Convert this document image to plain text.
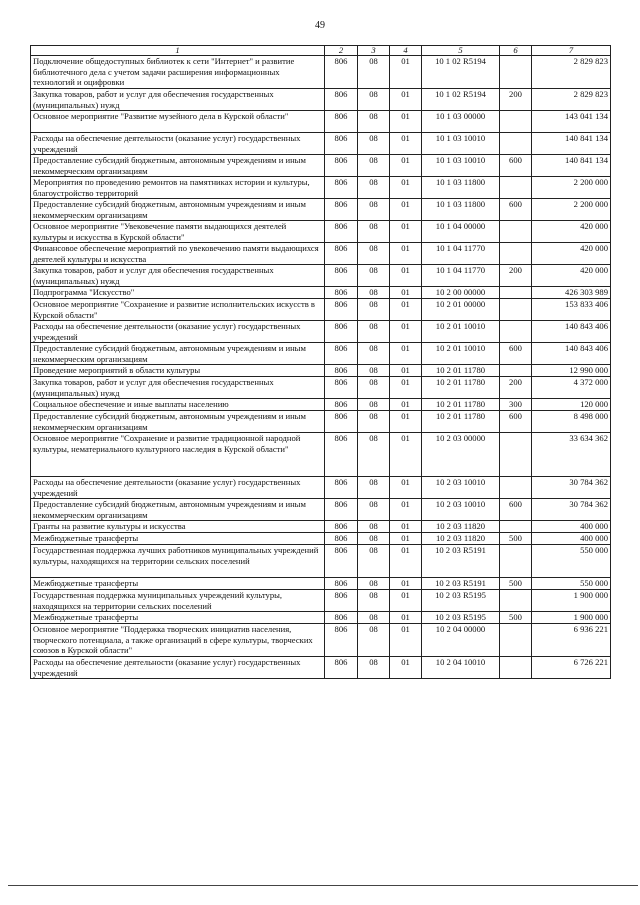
49
1	2	3	4	5	6	7
Подключение общедоступных библиотек к сети "Интернет" и развитие библиотечного дела с учетом задачи расширения информационных технологий и оцифровки	806	08	01	10 1 02 R5194		2 829 823
Закупка товаров, работ и услуг для обеспечения государственных (муниципальных) нужд	806	08	01	10 1 02 R5194	200	2 829 823
Основное мероприятие "Развитие музейного дела в Курской области"	806	08	01	10 1 03 00000		143 041 134
Расходы на обеспечение деятельности (оказание услуг) государственных учреждений	806	08	01	10 1 03 10010		140 841 134
Предоставление субсидий бюджетным, автономным учреждениям и иным некоммерческим организациям	806	08	01	10 1 03 10010	600	140 841 134
Мероприятия по проведению ремонтов на памятниках истории и культуры, благоустройство территорий	806	08	01	10 1 03 11800		2 200 000
Предоставление субсидий бюджетным, автономным учреждениям и иным некоммерческим организациям	806	08	01	10 1 03 11800	600	2 200 000
Основное мероприятие "Увековечение памяти выдающихся деятелей культуры и искусства в Курской области"	806	08	01	10 1 04 00000		420 000
Финансовое обеспечение мероприятий по увековечению памяти выдающихся деятелей культуры и искусства	806	08	01	10 1 04 11770		420 000
Закупка товаров, работ и услуг для обеспечения государственных (муниципальных) нужд	806	08	01	10 1 04 11770	200	420 000
Подпрограмма "Искусство"	806	08	01	10 2 00 00000		426 303 989
Основное мероприятие "Сохранение и развитие исполнительских искусств в Курской области"	806	08	01	10 2 01 00000		153 833 406
Расходы на обеспечение деятельности (оказание услуг) государственных учреждений	806	08	01	10 2 01 10010		140 843 406
Предоставление субсидий бюджетным, автономным учреждениям и иным некоммерческим организациям	806	08	01	10 2 01 10010	600	140 843 406
Проведение мероприятий в области культуры	806	08	01	10 2 01 11780		12 990 000
Закупка товаров, работ и услуг для обеспечения государственных (муниципальных) нужд	806	08	01	10 2 01 11780	200	4 372 000
Социальное обеспечение и иные выплаты населению	806	08	01	10 2 01 11780	300	120 000
Предоставление субсидий бюджетным, автономным учреждениям и иным некоммерческим организациям	806	08	01	10 2 01 11780	600	8 498 000
Основное мероприятие "Сохранение и развитие традиционной народной культуры, нематериального культурного наследия в Курской области"	806	08	01	10 2 03 00000		33 634 362
Расходы на обеспечение деятельности (оказание услуг) государственных учреждений	806	08	01	10 2 03 10010		30 784 362
Предоставление субсидий бюджетным, автономным учреждениям и иным некоммерческим организациям	806	08	01	10 2 03 10010	600	30 784 362
Гранты на развитие культуры и искусства	806	08	01	10 2 03 11820		400 000
Межбюджетные трансферты	806	08	01	10 2 03 11820	500	400 000
Государственная поддержка лучших работников муниципальных учреждений культуры, находящихся на территории сельских поселений	806	08	01	10 2 03 R5191		550 000
Межбюджетные трансферты	806	08	01	10 2 03 R5191	500	550 000
Государственная поддержка муниципальных учреждений культуры, находящихся на территории сельских поселений	806	08	01	10 2 03 R5195		1 900 000
Межбюджетные трансферты	806	08	01	10 2 03 R5195	500	1 900 000
Основное мероприятие "Поддержка творческих инициатив населения, творческого потенциала, а также организаций в сфере культуры, творческих союзов в Курской области"	806	08	01	10 2 04 00000		6 936 221
Расходы на обеспечение деятельности (оказание услуг) государственных учреждений	806	08	01	10 2 04 10010		6 726 221
